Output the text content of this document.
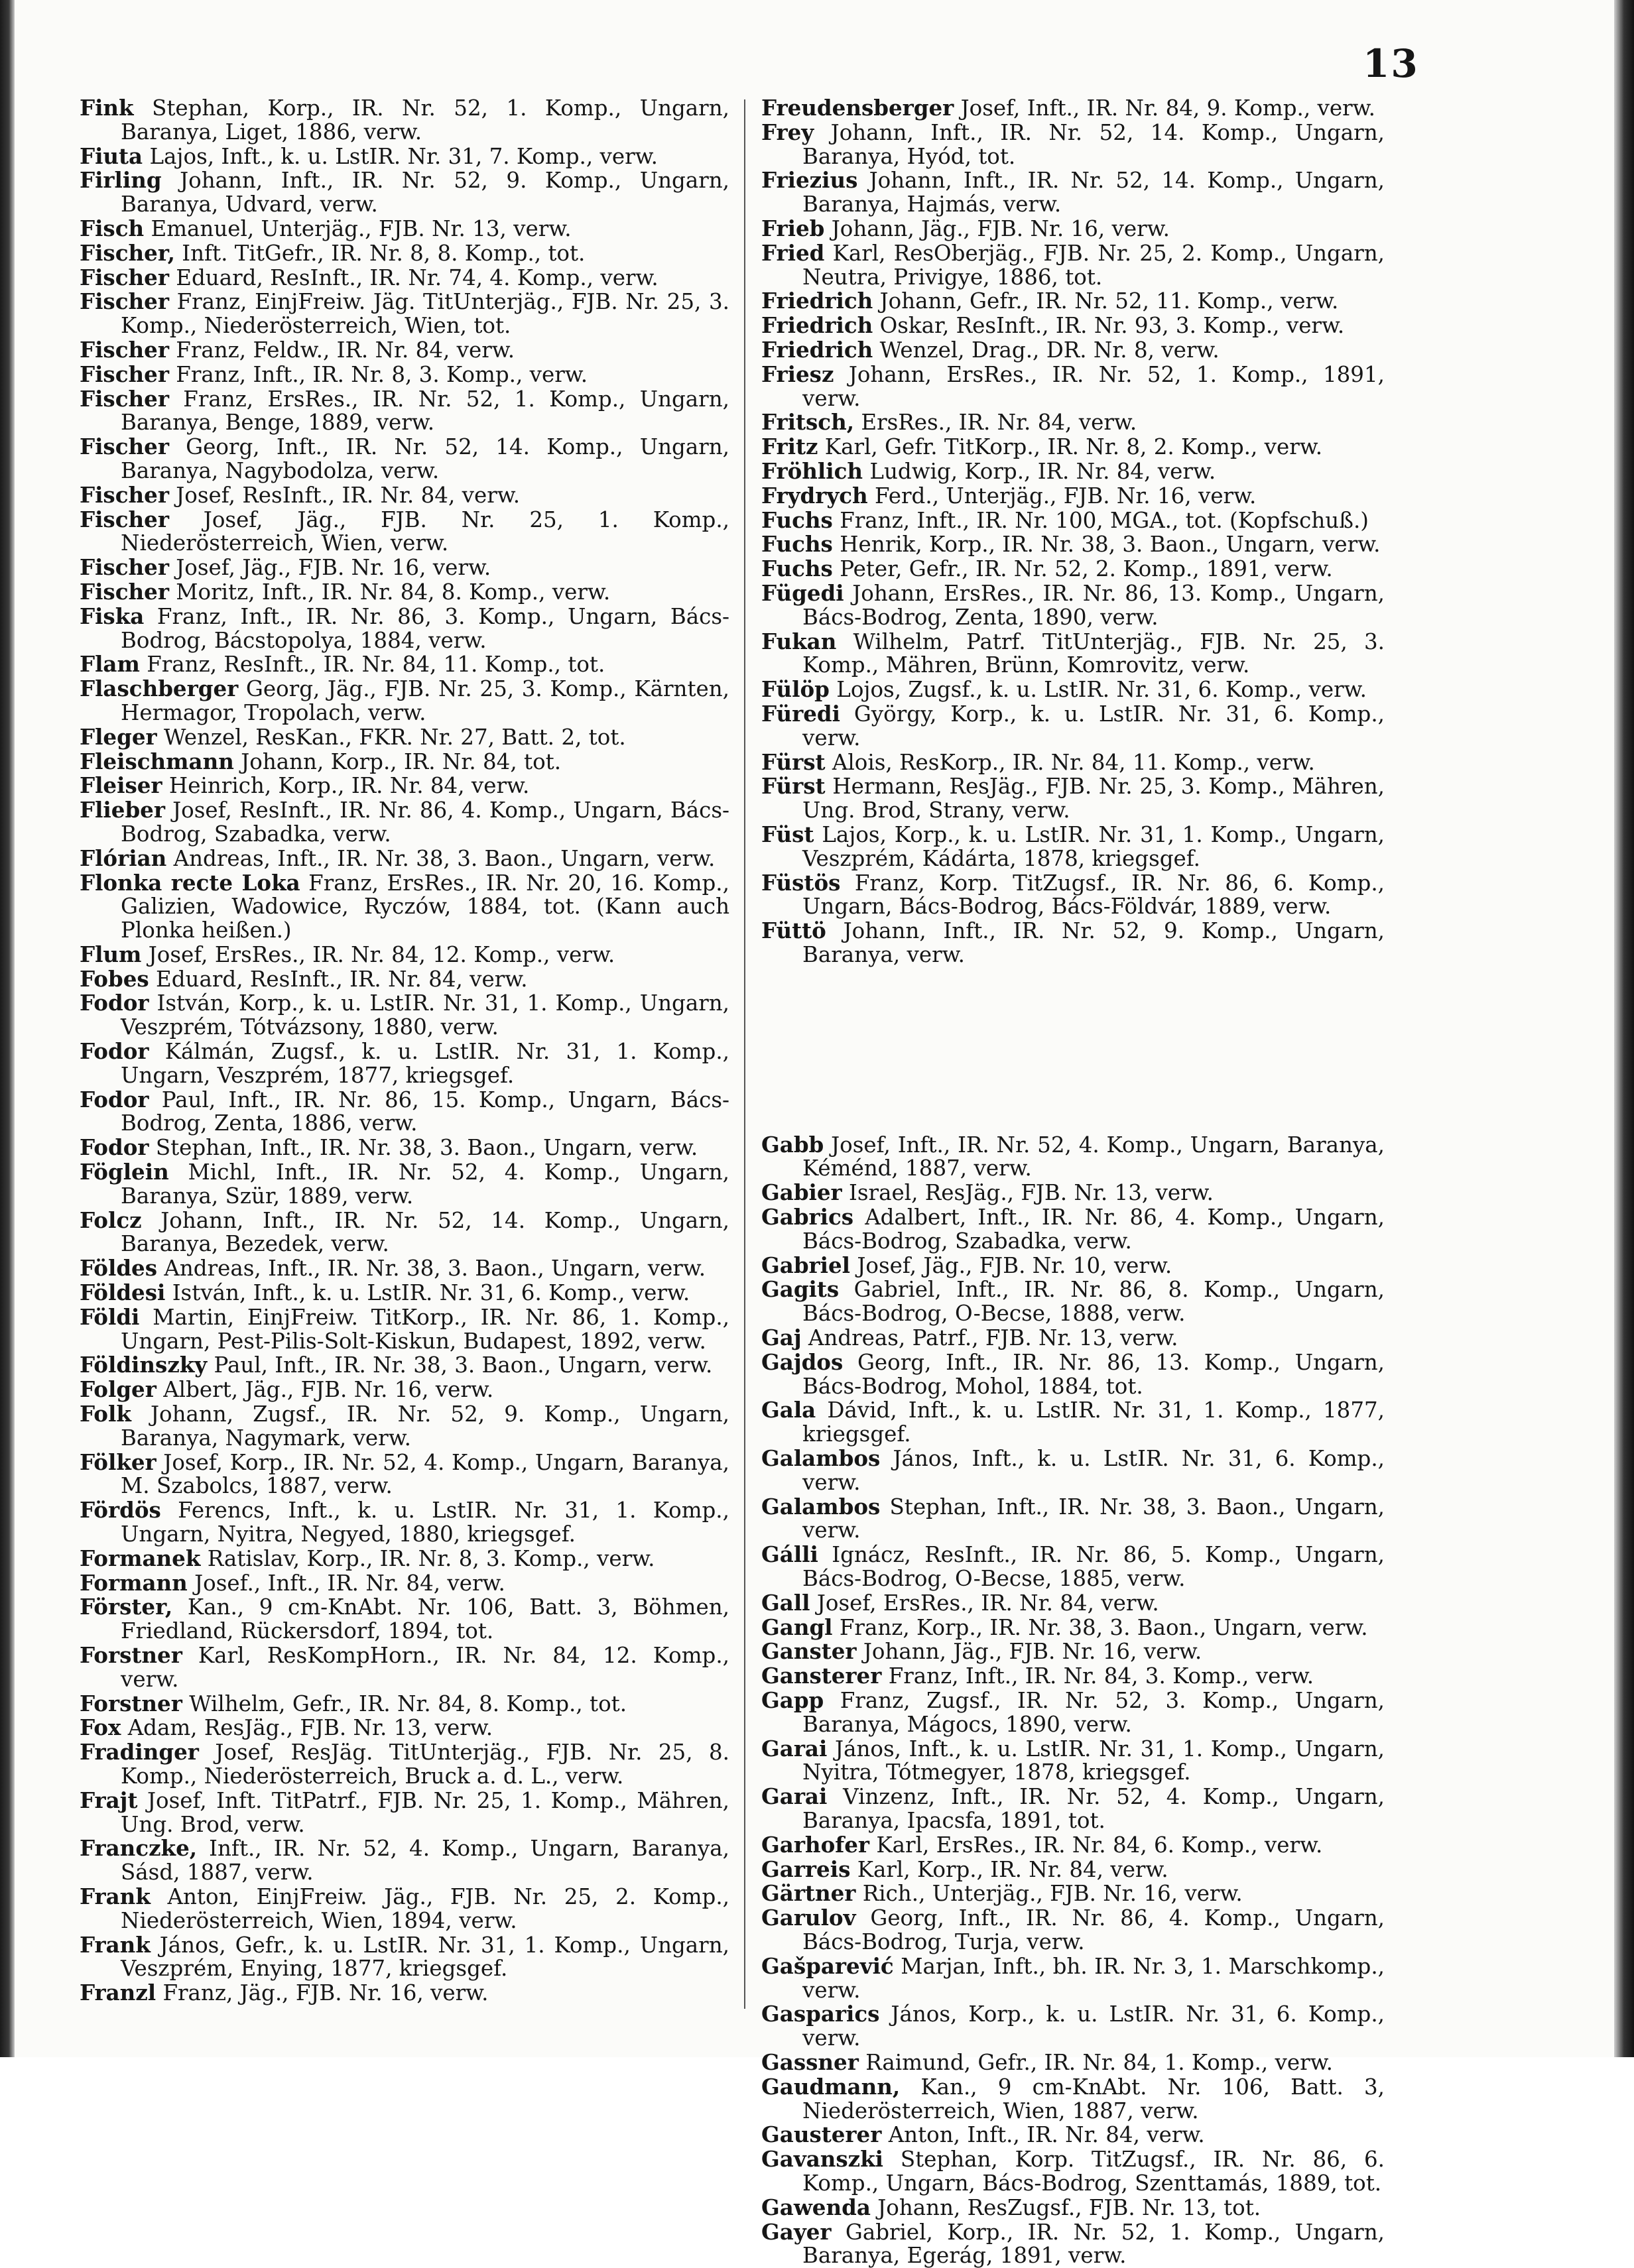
13
Fink Stephan, Korp., IR. Nr. 52, 1. Komp., Ungarn, Baranya, Liget, 1886, verw.
Fiuta Lajos, Inft., k. u. LstIR. Nr. 31, 7. Komp., verw.
Firling Johann, Inft., IR. Nr. 52, 9. Komp., Ungarn, Baranya, Udvard, verw.
Fisch Emanuel, Unterjäg., FJB. Nr. 13, verw.
Fischer, Inft. TitGefr., IR. Nr. 8, 8. Komp., tot.
Fischer Eduard, ResInft., IR. Nr. 74, 4. Komp., verw.
Fischer Franz, EinjFreiw. Jäg. TitUnterjäg., FJB. Nr. 25, 3. Komp., Niederösterreich, Wien, tot.
Fischer Franz, Feldw., IR. Nr. 84, verw.
Fischer Franz, Inft., IR. Nr. 8, 3. Komp., verw.
Fischer Franz, ErsRes., IR. Nr. 52, 1. Komp., Ungarn, Baranya, Benge, 1889, verw.
Fischer Georg, Inft., IR. Nr. 52, 14. Komp., Ungarn, Baranya, Nagybodolza, verw.
Fischer Josef, ResInft., IR. Nr. 84, verw.
Fischer Josef, Jäg., FJB. Nr. 25, 1. Komp., Niederösterreich, Wien, verw.
Fischer Josef, Jäg., FJB. Nr. 16, verw.
Fischer Moritz, Inft., IR. Nr. 84, 8. Komp., verw.
Fiska Franz, Inft., IR. Nr. 86, 3. Komp., Ungarn, Bács-Bodrog, Bácstopolya, 1884, verw.
Flam Franz, ResInft., IR. Nr. 84, 11. Komp., tot.
Flaschberger Georg, Jäg., FJB. Nr. 25, 3. Komp., Kärnten, Hermagor, Tropolach, verw.
Fleger Wenzel, ResKan., FKR. Nr. 27, Batt. 2, tot.
Fleischmann Johann, Korp., IR. Nr. 84, tot.
Fleiser Heinrich, Korp., IR. Nr. 84, verw.
Flieber Josef, ResInft., IR. Nr. 86, 4. Komp., Ungarn, Bács-Bodrog, Szabadka, verw.
Flórian Andreas, Inft., IR. Nr. 38, 3. Baon., Ungarn, verw.
Flonka recte Loka Franz, ErsRes., IR. Nr. 20, 16. Komp., Galizien, Wadowice, Ryczów, 1884, tot. (Kann auch Plonka heißen.)
Flum Josef, ErsRes., IR. Nr. 84, 12. Komp., verw.
Fobes Eduard, ResInft., IR. Nr. 84, verw.
Fodor István, Korp., k. u. LstIR. Nr. 31, 1. Komp., Ungarn, Veszprém, Tótvázsony, 1880, verw.
Fodor Kálmán, Zugsf., k. u. LstIR. Nr. 31, 1. Komp., Ungarn, Veszprém, 1877, kriegsgef.
Fodor Paul, Inft., IR. Nr. 86, 15. Komp., Ungarn, Bács-Bodrog, Zenta, 1886, verw.
Fodor Stephan, Inft., IR. Nr. 38, 3. Baon., Ungarn, verw.
Föglein Michl, Inft., IR. Nr. 52, 4. Komp., Ungarn, Baranya, Szür, 1889, verw.
Folcz Johann, Inft., IR. Nr. 52, 14. Komp., Ungarn, Baranya, Bezedek, verw.
Földes Andreas, Inft., IR. Nr. 38, 3. Baon., Ungarn, verw.
Földesi István, Inft., k. u. LstIR. Nr. 31, 6. Komp., verw.
Földi Martin, EinjFreiw. TitKorp., IR. Nr. 86, 1. Komp., Ungarn, Pest-Pilis-Solt-Kiskun, Budapest, 1892, verw.
Földinszky Paul, Inft., IR. Nr. 38, 3. Baon., Ungarn, verw.
Folger Albert, Jäg., FJB. Nr. 16, verw.
Folk Johann, Zugsf., IR. Nr. 52, 9. Komp., Ungarn, Baranya, Nagymark, verw.
Fölker Josef, Korp., IR. Nr. 52, 4. Komp., Ungarn, Baranya, M. Szabolcs, 1887, verw.
Fördös Ferencs, Inft., k. u. LstIR. Nr. 31, 1. Komp., Ungarn, Nyitra, Negyed, 1880, kriegsgef.
Formanek Ratislav, Korp., IR. Nr. 8, 3. Komp., verw.
Formann Josef., Inft., IR. Nr. 84, verw.
Förster, Kan., 9 cm-KnAbt. Nr. 106, Batt. 3, Böhmen, Friedland, Rückersdorf, 1894, tot.
Forstner Karl, ResKompHorn., IR. Nr. 84, 12. Komp., verw.
Forstner Wilhelm, Gefr., IR. Nr. 84, 8. Komp., tot.
Fox Adam, ResJäg., FJB. Nr. 13, verw.
Fradinger Josef, ResJäg. TitUnterjäg., FJB. Nr. 25, 8. Komp., Niederösterreich, Bruck a. d. L., verw.
Frajt Josef, Inft. TitPatrf., FJB. Nr. 25, 1. Komp., Mähren, Ung. Brod, verw.
Franczke, Inft., IR. Nr. 52, 4. Komp., Ungarn, Baranya, Sásd, 1887, verw.
Frank Anton, EinjFreiw. Jäg., FJB. Nr. 25, 2. Komp., Niederösterreich, Wien, 1894, verw.
Frank János, Gefr., k. u. LstIR. Nr. 31, 1. Komp., Ungarn, Veszprém, Enying, 1877, kriegsgef.
Franzl Franz, Jäg., FJB. Nr. 16, verw.
Freudensberger Josef, Inft., IR. Nr. 84, 9. Komp., verw.
Frey Johann, Inft., IR. Nr. 52, 14. Komp., Ungarn, Baranya, Hyód, tot.
Friezius Johann, Inft., IR. Nr. 52, 14. Komp., Ungarn, Baranya, Hajmás, verw.
Frieb Johann, Jäg., FJB. Nr. 16, verw.
Fried Karl, ResOberjäg., FJB. Nr. 25, 2. Komp., Ungarn, Neutra, Privigye, 1886, tot.
Friedrich Johann, Gefr., IR. Nr. 52, 11. Komp., verw.
Friedrich Oskar, ResInft., IR. Nr. 93, 3. Komp., verw.
Friedrich Wenzel, Drag., DR. Nr. 8, verw.
Friesz Johann, ErsRes., IR. Nr. 52, 1. Komp., 1891, verw.
Fritsch, ErsRes., IR. Nr. 84, verw.
Fritz Karl, Gefr. TitKorp., IR. Nr. 8, 2. Komp., verw.
Fröhlich Ludwig, Korp., IR. Nr. 84, verw.
Frydrych Ferd., Unterjäg., FJB. Nr. 16, verw.
Fuchs Franz, Inft., IR. Nr. 100, MGA., tot. (Kopfschuß.)
Fuchs Henrik, Korp., IR. Nr. 38, 3. Baon., Ungarn, verw.
Fuchs Peter, Gefr., IR. Nr. 52, 2. Komp., 1891, verw.
Fügedi Johann, ErsRes., IR. Nr. 86, 13. Komp., Ungarn, Bács-Bodrog, Zenta, 1890, verw.
Fukan Wilhelm, Patrf. TitUnterjäg., FJB. Nr. 25, 3. Komp., Mähren, Brünn, Komrovitz, verw.
Fülöp Lojos, Zugsf., k. u. LstIR. Nr. 31, 6. Komp., verw.
Füredi György, Korp., k. u. LstIR. Nr. 31, 6. Komp., verw.
Fürst Alois, ResKorp., IR. Nr. 84, 11. Komp., verw.
Fürst Hermann, ResJäg., FJB. Nr. 25, 3. Komp., Mähren, Ung. Brod, Strany, verw.
Füst Lajos, Korp., k. u. LstIR. Nr. 31, 1. Komp., Ungarn, Veszprém, Kádárta, 1878, kriegsgef.
Füstös Franz, Korp. TitZugsf., IR. Nr. 86, 6. Komp., Ungarn, Bács-Bodrog, Bács-Földvár, 1889, verw.
Füttö Johann, Inft., IR. Nr. 52, 9. Komp., Ungarn, Baranya, verw.
Gabb Josef, Inft., IR. Nr. 52, 4. Komp., Ungarn, Baranya, Kéménd, 1887, verw.
Gabier Israel, ResJäg., FJB. Nr. 13, verw.
Gabrics Adalbert, Inft., IR. Nr. 86, 4. Komp., Ungarn, Bács-Bodrog, Szabadka, verw.
Gabriel Josef, Jäg., FJB. Nr. 10, verw.
Gagits Gabriel, Inft., IR. Nr. 86, 8. Komp., Ungarn, Bács-Bodrog, O-Becse, 1888, verw.
Gaj Andreas, Patrf., FJB. Nr. 13, verw.
Gajdos Georg, Inft., IR. Nr. 86, 13. Komp., Ungarn, Bács-Bodrog, Mohol, 1884, tot.
Gala Dávid, Inft., k. u. LstIR. Nr. 31, 1. Komp., 1877, kriegsgef.
Galambos János, Inft., k. u. LstIR. Nr. 31, 6. Komp., verw.
Galambos Stephan, Inft., IR. Nr. 38, 3. Baon., Ungarn, verw.
Gálli Ignácz, ResInft., IR. Nr. 86, 5. Komp., Ungarn, Bács-Bodrog, O-Becse, 1885, verw.
Gall Josef, ErsRes., IR. Nr. 84, verw.
Gangl Franz, Korp., IR. Nr. 38, 3. Baon., Ungarn, verw.
Ganster Johann, Jäg., FJB. Nr. 16, verw.
Gansterer Franz, Inft., IR. Nr. 84, 3. Komp., verw.
Gapp Franz, Zugsf., IR. Nr. 52, 3. Komp., Ungarn, Baranya, Mágocs, 1890, verw.
Garai János, Inft., k. u. LstIR. Nr. 31, 1. Komp., Ungarn, Nyitra, Tótmegyer, 1878, kriegsgef.
Garai Vinzenz, Inft., IR. Nr. 52, 4. Komp., Ungarn, Baranya, Ipacsfa, 1891, tot.
Garhofer Karl, ErsRes., IR. Nr. 84, 6. Komp., verw.
Garreis Karl, Korp., IR. Nr. 84, verw.
Gärtner Rich., Unterjäg., FJB. Nr. 16, verw.
Garulov Georg, Inft., IR. Nr. 86, 4. Komp., Ungarn, Bács-Bodrog, Turja, verw.
Gašparević Marjan, Inft., bh. IR. Nr. 3, 1. Marschkomp., verw.
Gasparics János, Korp., k. u. LstIR. Nr. 31, 6. Komp., verw.
Gassner Raimund, Gefr., IR. Nr. 84, 1. Komp., verw.
Gaudmann, Kan., 9 cm-KnAbt. Nr. 106, Batt. 3, Niederösterreich, Wien, 1887, verw.
Gausterer Anton, Inft., IR. Nr. 84, verw.
Gavanszki Stephan, Korp. TitZugsf., IR. Nr. 86, 6. Komp., Ungarn, Bács-Bodrog, Szenttamás, 1889, tot.
Gawenda Johann, ResZugsf., FJB. Nr. 13, tot.
Gayer Gabriel, Korp., IR. Nr. 52, 1. Komp., Ungarn, Baranya, Egerág, 1891, verw.
